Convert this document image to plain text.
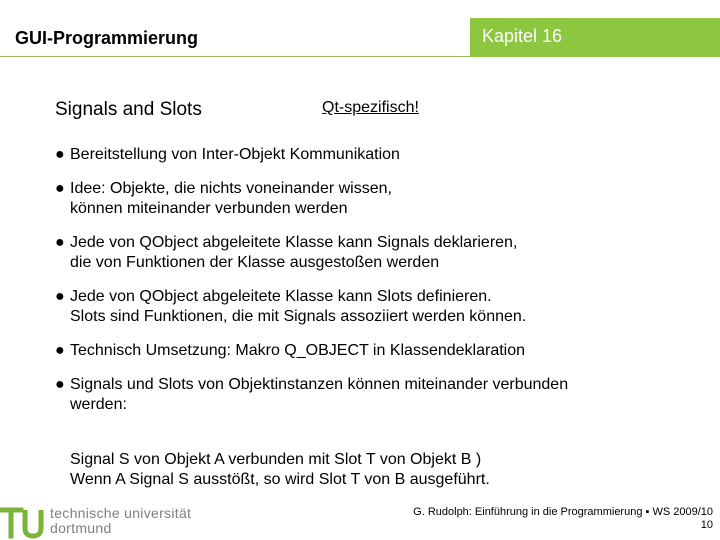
GUI-Programmierung	Kapitel 16
Signals and Slots	Qt-spezifisch!
● Bereitstellung von Inter-Objekt Kommunikation
● Idee: Objekte, die nichts voneinander wissen,
können miteinander verbunden werden
● Jede von QObject abgeleitete Klasse kann Signals deklarieren,
die von Funktionen der Klasse ausgestoßen werden
● Jede von QObject abgeleitete Klasse kann Slots definieren.
Slots sind Funktionen, die mit Signals assoziiert werden können.
● Technisch Umsetzung: Makro Q_OBJECT in Klassendeklaration
● Signals und Slots von Objektinstanzen können miteinander verbunden
werden:
Signal S von Objekt A verbunden mit Slot T von Objekt B )
Wenn A Signal S ausstößt, so wird Slot T von B ausgeführt.
technische universität
dortmund
G. Rudolph: Einführung in die Programmierung ▪ WS 2009/10
10
